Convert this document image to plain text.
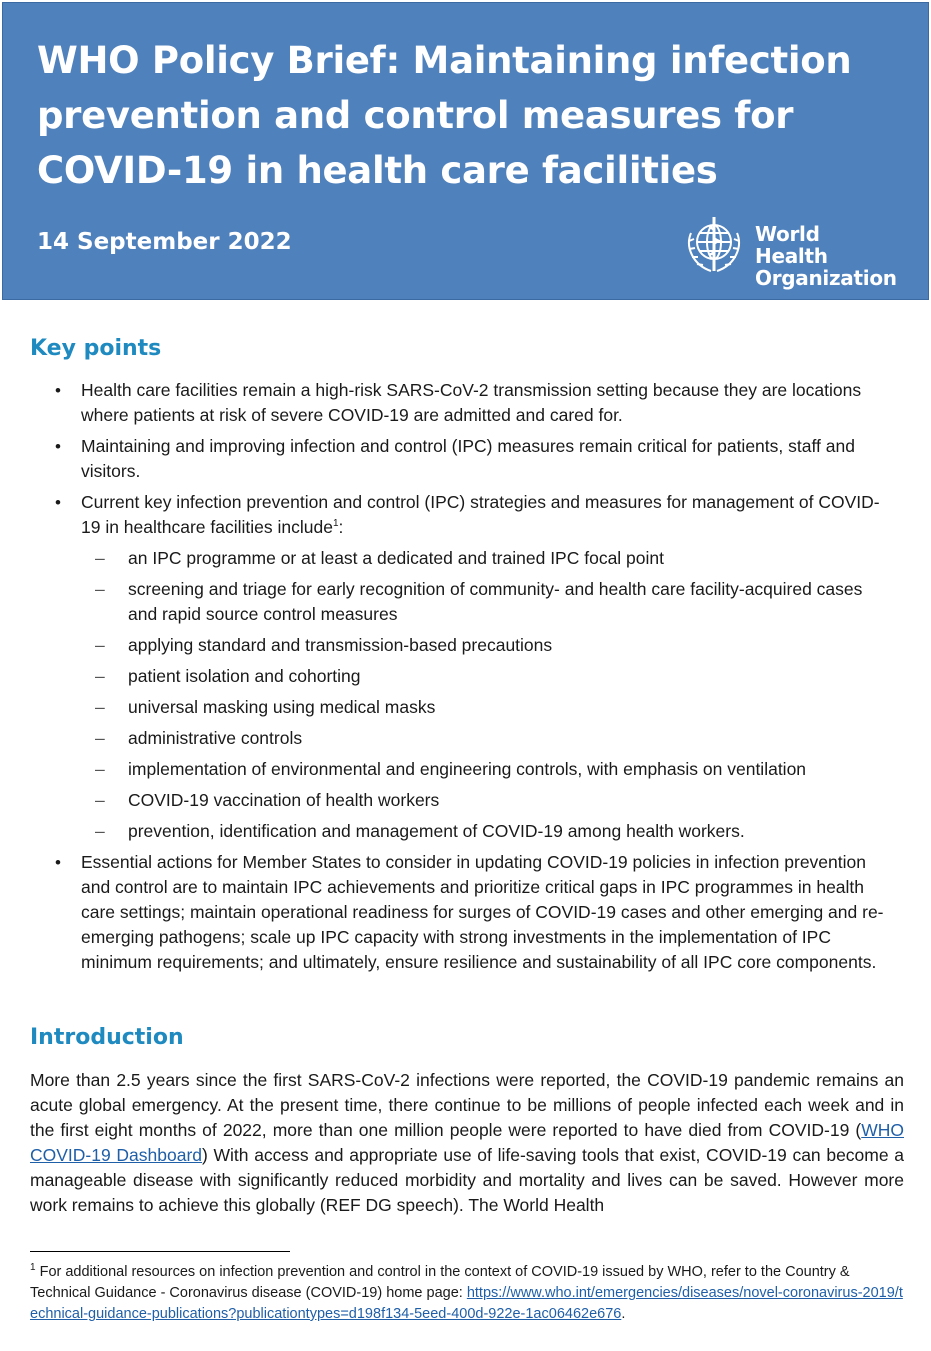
WHO Policy Brief: Maintaining infection prevention and control measures for COVID-19 in health care facilities
14 September 2022	World Health
Organization
Key points
• Health care facilities remain a high-risk SARS-CoV-2 transmission setting because they are locations where patients at risk of severe COVID-19 are admitted and cared for.
• Maintaining and improving infection and control (IPC) measures remain critical for patients, staff and visitors.
• Current key infection prevention and control (IPC) strategies and measures for management of COVID-19 in healthcare facilities include$^1$:
– an IPC programme or at least a dedicated and trained IPC focal point
– screening and triage for early recognition of community- and health care facility-acquired cases and rapid source control measures
– applying standard and transmission-based precautions
– patient isolation and cohorting
– universal masking using medical masks
– administrative controls
– implementation of environmental and engineering controls, with emphasis on ventilation
– COVID-19 vaccination of health workers
– prevention, identification and management of COVID-19 among health workers.
• Essential actions for Member States to consider in updating COVID-19 policies in infection prevention and control are to maintain IPC achievements and prioritize critical gaps in IPC programmes in health care settings; maintain operational readiness for surges of COVID-19 cases and other emerging and re-emerging pathogens; scale up IPC capacity with strong investments in the implementation of IPC minimum requirements; and ultimately, ensure resilience and sustainability of all IPC core components.
Introduction

More than 2.5 years since the first SARS-CoV-2 infections were reported, the COVID-19 pandemic remains an acute global emergency. At the present time, there continue to be millions of people infected each week and in the first eight months of 2022, more than one million people were reported to have died from COVID-19 (WHO COVID-19 Dashboard) With access and appropriate use of life-saving tools that exist, COVID-19 can become a manageable disease with significantly reduced morbidity and mortality and lives can be saved. However more work remains to achieve this globally (REF DG speech). The World Health

$^1$ For additional resources on infection prevention and control in the context of COVID-19 issued by WHO, refer to the Country & Technical Guidance - Coronavirus disease (COVID-19) home page: https://www.who.int/emergencies/diseases/novel-coronavirus-2019/technical-guidance-publications?publicationtypes=d198f134-5eed-400d-922e-1ac06462e676.
